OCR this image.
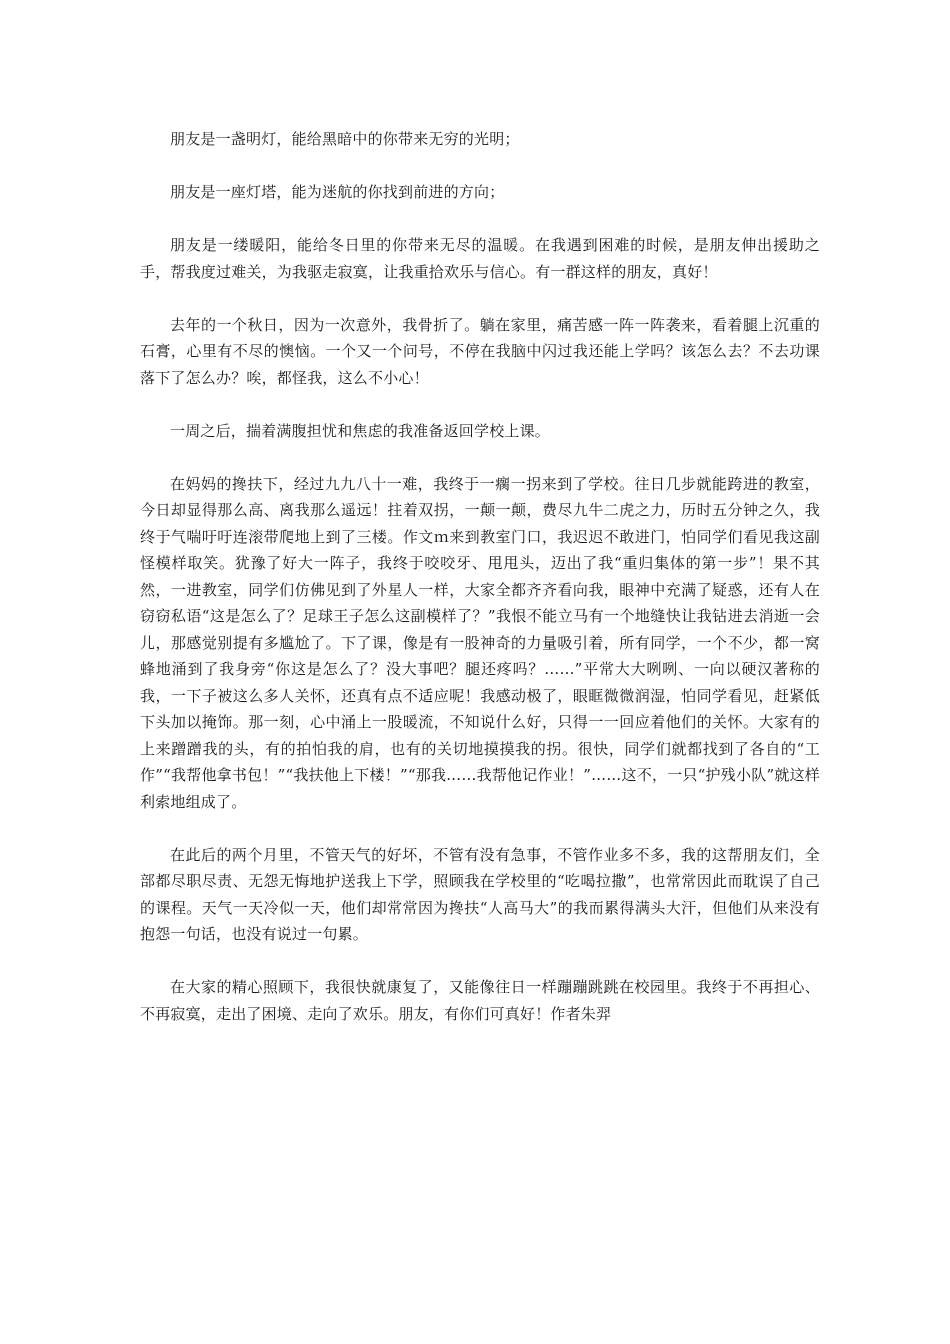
朋友是一盏明灯，能给黑暗中的你带来无穷的光明；

朋友是一座灯塔，能为迷航的你找到前进的方向；

朋友是一缕暖阳，能给冬日里的你带来无尽的温暖。在我遇到困难的时候，是朋友伸出援助之手，帮我度过难关，为我驱走寂寞，让我重拾欢乐与信心。有一群这样的朋友，真好！

去年的一个秋日，因为一次意外，我骨折了。躺在家里，痛苦感一阵一阵袭来，看着腿上沉重的石膏，心里有不尽的懊恼。一个又一个问号，不停在我脑中闪过我还能上学吗？该怎么去？不去功课落下了怎么办？唉，都怪我，这么不小心！

一周之后，揣着满腹担忧和焦虑的我准备返回学校上课。

在妈妈的搀扶下，经过九九八十一难，我终于一瘸一拐来到了学校。往日几步就能跨进的教室，今日却显得那么高、离我那么遥远！拄着双拐，一颠一颠，费尽九牛二虎之力，历时五分钟之久，我终于气喘吁吁连滚带爬地上到了三楼。作文ｍ来到教室门口，我迟迟不敢进门，怕同学们看见我这副怪模样取笑。犹豫了好大一阵子，我终于咬咬牙、甩甩头，迈出了我“重归集体的第一步”！果不其然，一进教室，同学们仿佛见到了外星人一样，大家全都齐齐看向我，眼神中充满了疑惑，还有人在窃窃私语“这是怎么了？足球王子怎么这副模样了？”我恨不能立马有一个地缝快让我钻进去消逝一会儿，那感觉别提有多尴尬了。下了课，像是有一股神奇的力量吸引着，所有同学，一个不少，都一窝蜂地涌到了我身旁“你这是怎么了？没大事吧？腿还疼吗？……”平常大大咧咧、一向以硬汉著称的我，一下子被这么多人关怀，还真有点不适应呢！我感动极了，眼眶微微润湿，怕同学看见，赶紧低下头加以掩饰。那一刻，心中涌上一股暖流，不知说什么好，只得一一回应着他们的关怀。大家有的上来蹭蹭我的头，有的拍怕我的肩，也有的关切地摸摸我的拐。很快，同学们就都找到了各自的“工作”“我帮他拿书包！”“我扶他上下楼！”“那我……我帮他记作业！”……这不，一只“护残小队”就这样利索地组成了。

在此后的两个月里，不管天气的好坏，不管有没有急事，不管作业多不多，我的这帮朋友们，全部都尽职尽责、无怨无悔地护送我上下学，照顾我在学校里的“吃喝拉撒”，也常常因此而耽误了自己的课程。天气一天冷似一天，他们却常常因为搀扶“人高马大”的我而累得满头大汗，但他们从来没有抱怨一句话，也没有说过一句累。

在大家的精心照顾下，我很快就康复了，又能像往日一样蹦蹦跳跳在校园里。我终于不再担心、不再寂寞，走出了困境、走向了欢乐。朋友，有你们可真好！作者朱羿
